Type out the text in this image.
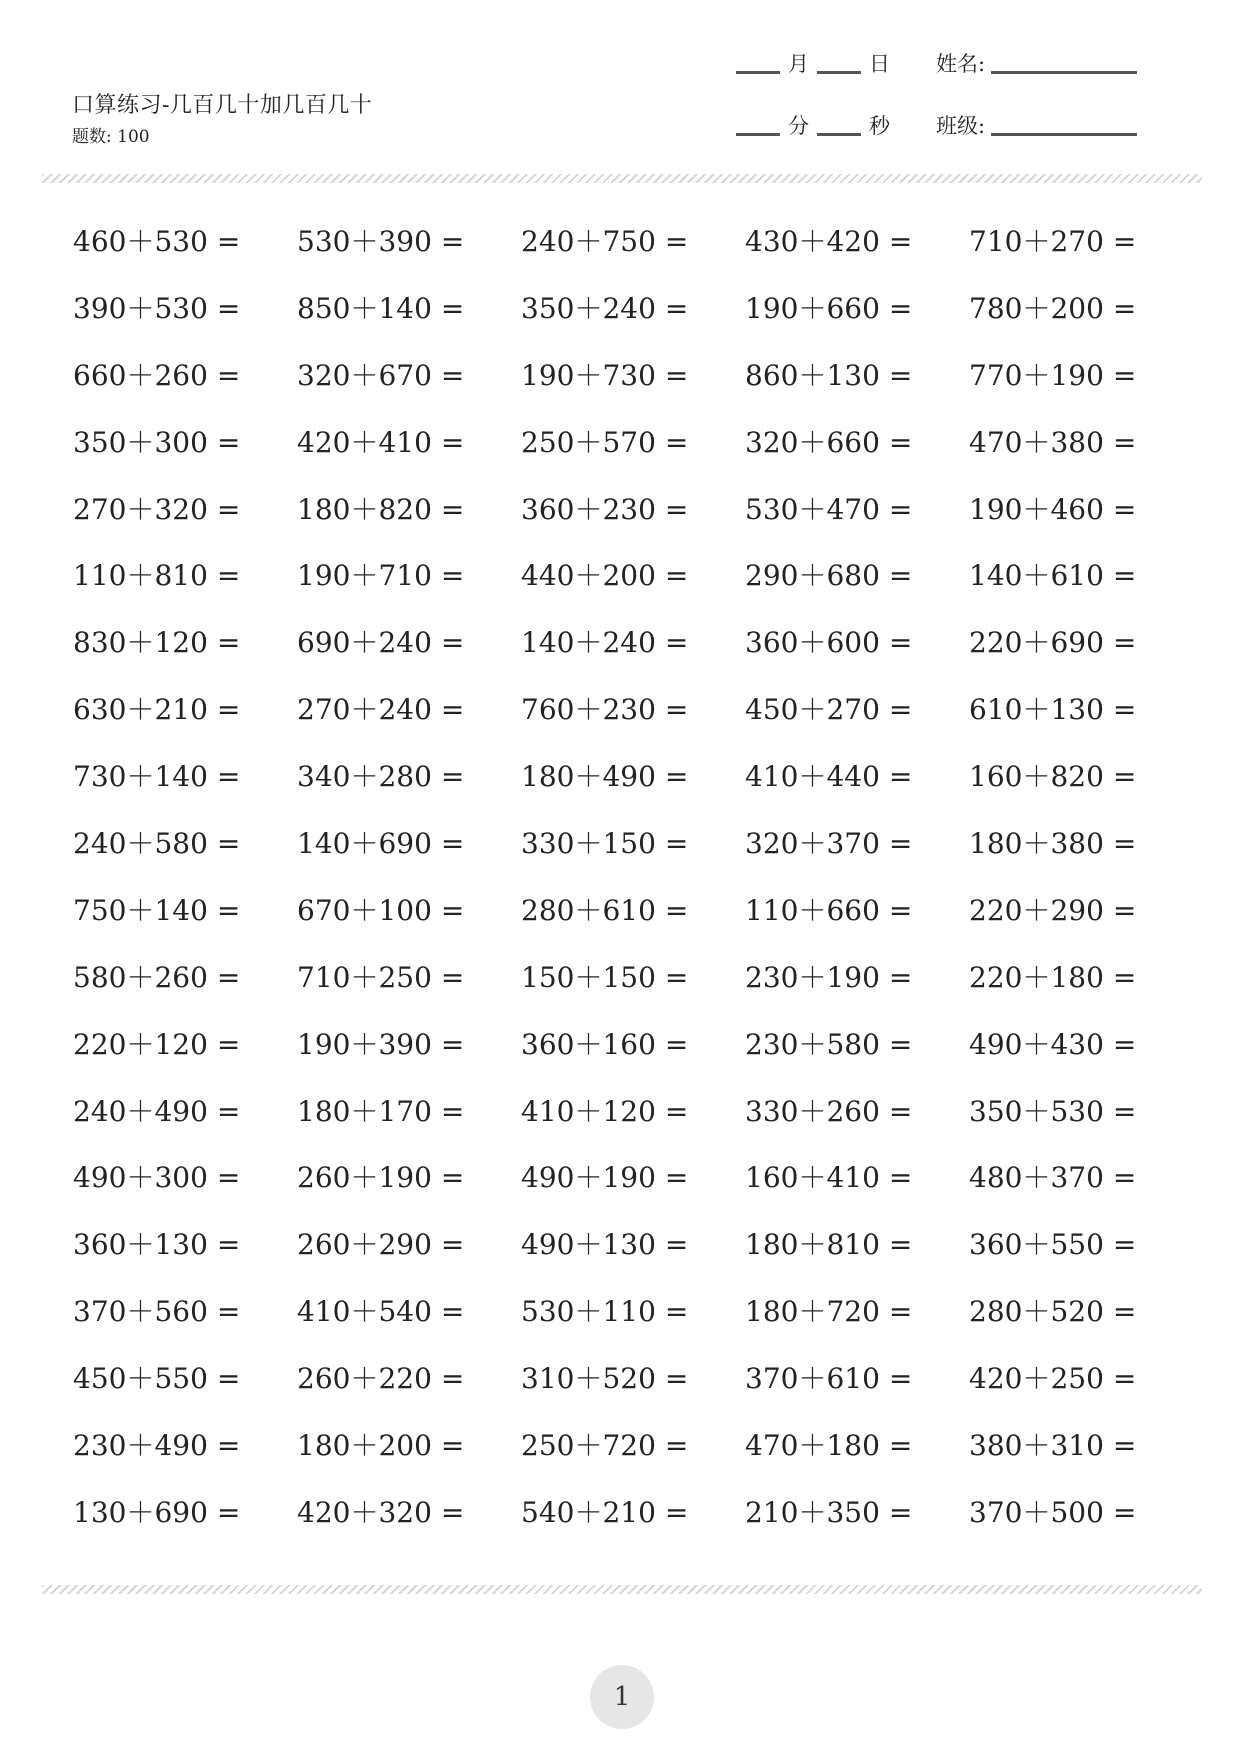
口算练习-几百几十加几百几十
题数: 100
月	日 姓名:
分	秒 班级:
460＋530 = 530＋390 = 240＋750 = 430＋420 = 710＋270 =
390＋530 = 850＋140 = 350＋240 = 190＋660 = 780＋200 =
660＋260 = 320＋670 = 190＋730 = 860＋130 = 770＋190 =
350＋300 = 420＋410 = 250＋570 = 320＋660 = 470＋380 =
270＋320 = 180＋820 = 360＋230 = 530＋470 = 190＋460 =
110＋810 = 190＋710 = 440＋200 = 290＋680 = 140＋610 =
830＋120 = 690＋240 = 140＋240 = 360＋600 = 220＋690 =
630＋210 = 270＋240 = 760＋230 = 450＋270 = 610＋130 =
730＋140 = 340＋280 = 180＋490 = 410＋440 = 160＋820 =
240＋580 = 140＋690 = 330＋150 = 320＋370 = 180＋380 =
750＋140 = 670＋100 = 280＋610 = 110＋660 = 220＋290 =
580＋260 = 710＋250 = 150＋150 = 230＋190 = 220＋180 =
220＋120 = 190＋390 = 360＋160 = 230＋580 = 490＋430 =
240＋490 = 180＋170 = 410＋120 = 330＋260 = 350＋530 =
490＋300 = 260＋190 = 490＋190 = 160＋410 = 480＋370 =
360＋130 = 260＋290 = 490＋130 = 180＋810 = 360＋550 =
370＋560 = 410＋540 = 530＋110 = 180＋720 = 280＋520 =
450＋550 = 260＋220 = 310＋520 = 370＋610 = 420＋250 =
230＋490 = 180＋200 = 250＋720 = 470＋180 = 380＋310 =
130＋690 = 420＋320 = 540＋210 = 210＋350 = 370＋500 =
1
